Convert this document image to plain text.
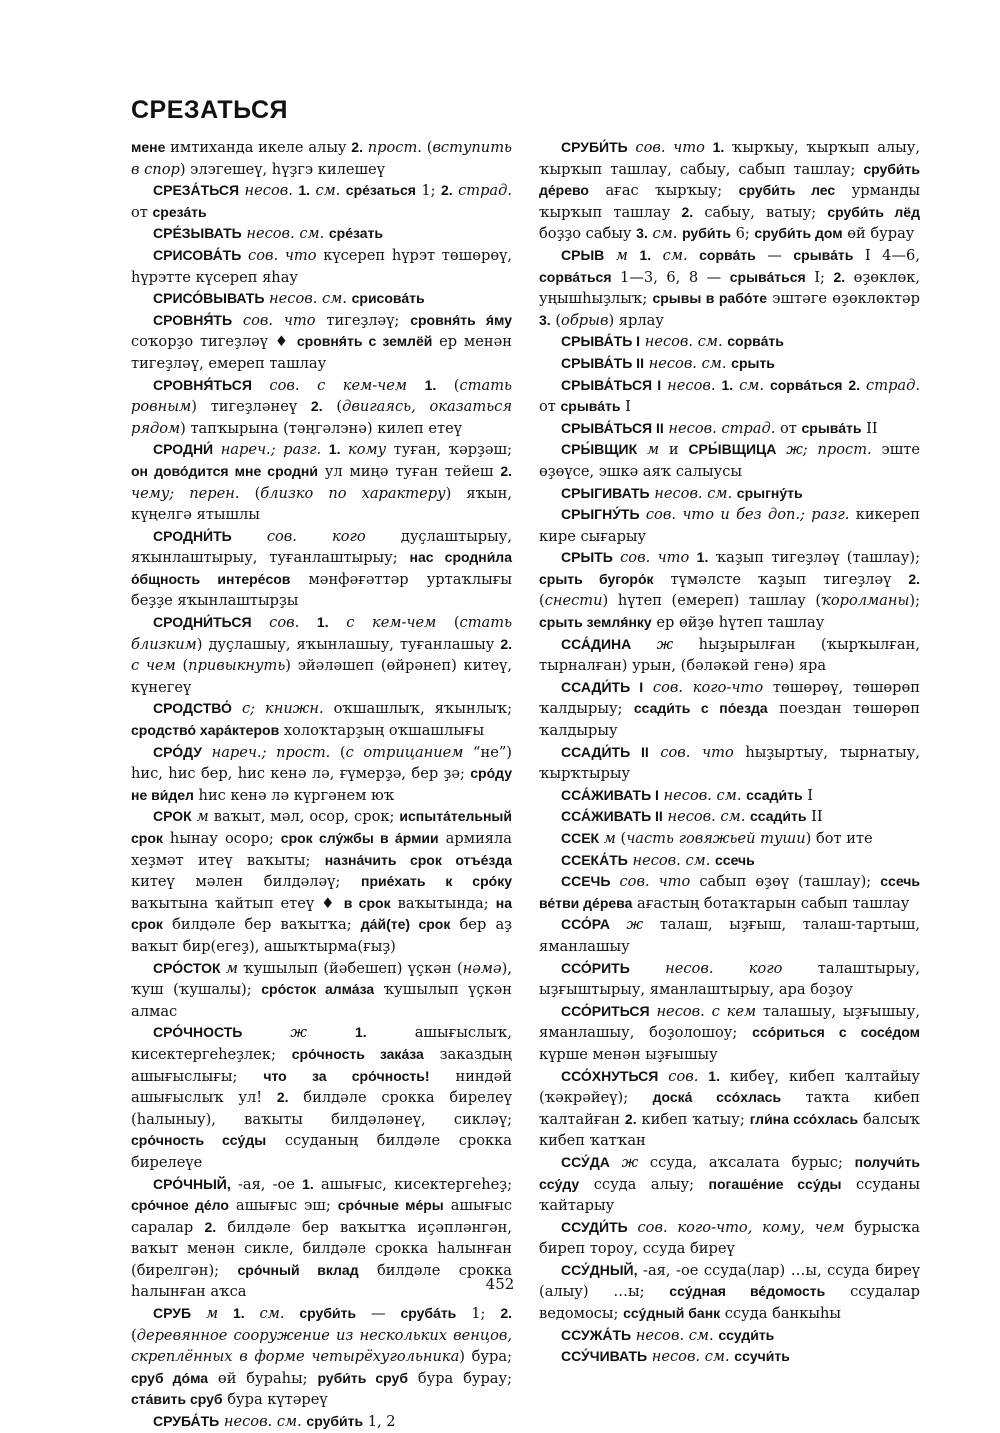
СРЕЗАТЬСЯ

мене имтиханда икеле алыу 2. прост. (вступить в спор) элэгешеү, һүҙгэ килешеү

СРЕЗА́ТЬСЯ несов. 1. см. сре́заться 1; 2. страд. от среза́ть

СРЕ́ЗЫВАТЬ несов. см. сре́зать

СРИСОВА́ТЬ сов. что күсереп һүрэт төшөрөү, һүрэтте күсереп яһау

СРИСО́ВЫВАТЬ несов. см. срисова́ть

СРОВНЯ́ТЬ сов. что тигеҙләү; сровня́ть я́му соҡорҙо тигеҙләү ♦ сровня́ть с землёй ер менән тигеҙләү, емереп ташлау

СРОВНЯ́ТЬСЯ сов. с кем-чем 1. (стать ровным) тигеҙләнеү 2. (двигаясь, оказаться рядом) тапҡырына (тәңгәлэнә) килеп етеү

СРОДНИ́ нареч.; разг. 1. кому туған, ҡәрҙәш; он дово́дится мне сродни́ ул миңә туған тейеш 2. чему; перен. (близко по характеру) яҡын, күңелгә ятышлы

СРОДНИ́ТЬ сов. кого дуҫлаштырыу, яҡынлаштырыу, туғанлаштырыу; нас сродни́ла о́бщность интере́сов мәнфәғәттәр уртаҡлығы беҙҙе яҡынлаштырҙы

СРОДНИ́ТЬСЯ сов. 1. с кем-чем (стать близким) дуҫлашыу, яҡынлашыу, туғанлашыу 2. с чем (привыкнуть) эйәләшеп (өйрәнеп) китеү, күнегеү

СРОДСТВО́ с; книжн. оҡшашлыҡ, яҡынлыҡ; сродство́ хара́ктеров холоҡтарҙың оҡшашлығы

СРО́ДУ нареч.; прост. (с отрицанием “не”) һис, һис бер, һис кенә лә, ғүмерҙә, бер ҙә; сро́ду не ви́дел һис кенә лә күргәнем юҡ

СРОК м ваҡыт, мәл, осор, срок; испыта́тельный срок һынау осоро; срок слу́жбы в а́рмии армияла хеҙмәт итеү ваҡыты; назна́чить срок отъе́зда китеү мәлен билдәләү; прие́хать к сро́ку ваҡытына ҡайтып етеү ♦ в срок ваҡытында; на срок билдәле бер ваҡытҡа; да́й(те) срок бер аҙ ваҡыт бир(егеҙ), ашыҡтырма(ғыҙ)

СРО́СТОК м ҡушылып (йәбешеп) үҫкән (нәмә), ҡуш (ҡушалы); сро́сток алма́за ҡушылып үҫкән алмас

СРО́ЧНОСТЬ ж	1. ашығыслыҡ, кисектергеһеҙлек; сро́чность зака́за заказдың ашығыслығы; что за сро́чность! ниндәй ашығыслыҡ ул! 2. билдәле срокка бирелеү (һалыныу), ваҡыты билдәләнеү, сикләү; сро́чность ссу́ды ссуданың билдәле срокка бирелеүе

СРО́ЧНЫЙ, -ая, -ое 1. ашығыс, кисектергеһеҙ; сро́чное де́ло ашығыс эш; сро́чные ме́ры ашығыс саралар 2. билдәле бер ваҡытҡа иҫәпләнгән, ваҡыт менән сикле, билдәле срокка һалынған (бирелгән); сро́чный вклад билдәле срокка һалынған аҡса

СРУБ м 1. см. сруби́ть — сруба́ть 1; 2. (деревянное сооружение из нескольких венцов, скреплённых в форме четырёхугольника) бура; сруб до́ма өй бураһы; руби́ть сруб бура бурау; ста́вить сруб бура күтәреү

СРУБА́ТЬ несов. см. сруби́ть 1, 2

СРУБИ́ТЬ сов. что 1. ҡырҡыу, ҡырҡып алыу, ҡырҡып ташлау, сабыу, сабып ташлау; сруби́ть де́рево ағас ҡырҡыу; сруби́ть лес урманды ҡырҡып ташлау 2. сабыу, ватыу; сруби́ть лёд боҙҙо сабыу 3. см. руби́ть 6; сруби́ть дом өй бурау

СРЫВ м 1. см. сорва́ть — срыва́ть I 4—6, сорва́ться 1—3, 6, 8 — срыва́ться I; 2. өҙөклөк, уңышһыҙлыҡ; срывы в рабо́те эштәге өҙөклөктәр 3. (обрыв) ярлау

СРЫВА́ТЬ I несов. см. сорва́ть

СРЫВА́ТЬ II несов. см. срыть

СРЫВА́ТЬСЯ I несов. 1. см. сорва́ться 2. страд. от срыва́ть I

СРЫВА́ТЬСЯ II несов. страд. от срыва́ть II

СРЫ́ВЩИК м и СРЫ́ВЩИЦА ж; прост. эште өҙөүсе, эшкә аяҡ салыусы

СРЫГИВАТЬ несов. см. срыгну́ть

СРЫГНУ́ТЬ сов. что и без доп.; разг. кикереп кире сығарыу

СРЫТЬ сов. что 1. ҡаҙып тигеҙләү (ташлау); срыть бугоро́к түмәлсте ҡаҙып тигеҙләү 2. (снести) һүтеп (емереп) ташлау (ҡоролманы); срыть земля́нку ер өйҙө һүтеп ташлау

ССА́ДИНА ж һыҙырылған (ҡырҡылған, тырналған) урын, (бәләкәй генә) яра

ССАДИ́ТЬ I сов. кого-что төшөрөү, төшөрөп ҡалдырыу; ссади́ть с по́езда поездан төшөрөп ҡалдырыу

ССАДИ́ТЬ II сов. что һыҙыртыу, тырнатыу, ҡырҡтырыу

ССА́ЖИВАТЬ I несов. см. ссади́ть I

ССА́ЖИВАТЬ II несов. см. ссади́ть II

ССЕК м (часть говяжьей туши) бот ите

ССЕКА́ТЬ несов. см. ссечь

ССЕЧЬ сов. что сабып өҙөү (ташлау); ссечь ве́тви де́рева ағастың ботаҡтарын сабып ташлау

ССО́РА ж талаш, ыҙғыш, талаш-тартыш, яманлашыу

ССО́РИТЬ несов. кого талаштырыу, ыҙғыштырыу, яманлаштырыу, ара боҙоу

ССО́РИТЬСЯ несов. с кем талашыу, ыҙғышыу, яманлашыу, боҙолошоу; ссо́риться с сосе́дом күрше менән ыҙғышыу

ССО́ХНУТЬСЯ сов. 1. кибеү, кибеп ҡалтайыу (ҡәкрәйеү); доска́ ссо́хлась таҡта кибеп ҡалтайған 2. кибеп ҡатыу; гли́на ссо́хлась балсыҡ кибеп ҡатҡан

ССУ́ДА ж ссуда, аҡсалата бурыс; получи́ть ссу́ду ссуда алыу; погаше́ние ссу́ды ссуданы ҡайтарыу

ССУДИ́ТЬ сов. кого-что, кому, чем бурысҡа биреп тороу, ссуда биреү

ССУ́ДНЫЙ, -ая, -ое ссуда(лар) …ы, ссуда биреү (алыу) …ы; ссу́дная ве́домость ссудалар ведомосы; ссу́дный банк ссуда банкыһы

ССУЖА́ТЬ несов. см. ссуди́ть

ССУ́ЧИВАТЬ несов. см. ссучи́ть

452
